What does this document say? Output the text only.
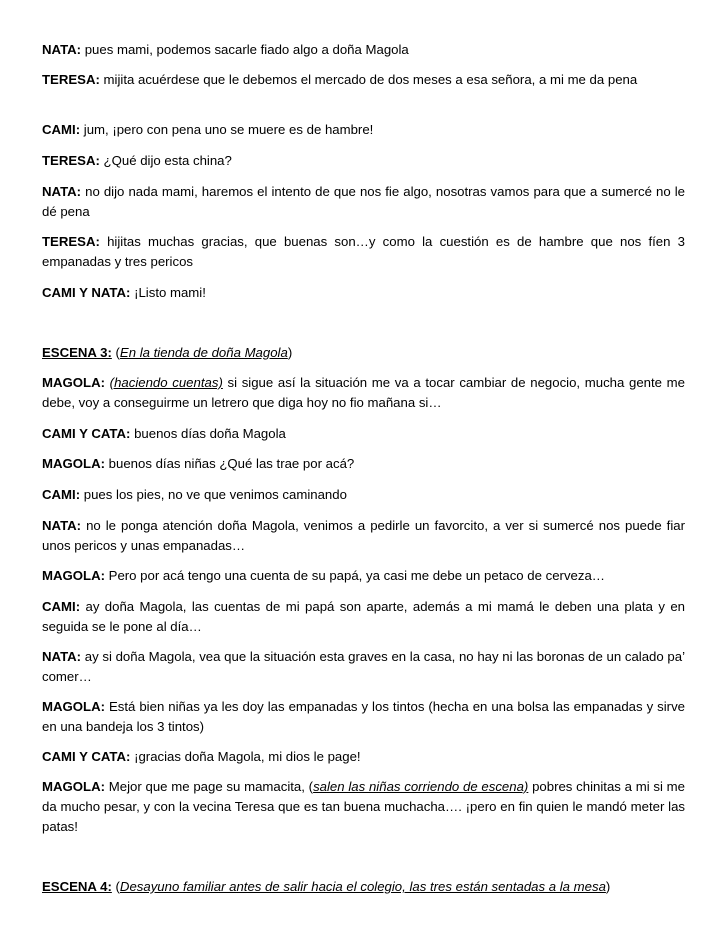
NATA: pues mami, podemos sacarle fiado algo a doña Magola

TERESA: mijita acuérdese que le debemos el mercado de dos meses a esa señora, a mi me da pena

CAMI: jum, ¡pero con pena uno se muere es de hambre!

TERESA: ¿Qué dijo esta china?

NATA: no dijo nada mami, haremos el intento de que nos fie algo, nosotras vamos para que a sumercé no le dé pena

TERESA: hijitas muchas gracias, que buenas son…y como la cuestión es de hambre que nos fíen 3 empanadas y tres pericos

CAMI Y NATA: ¡Listo mami!

ESCENA 3: (En la tienda de doña Magola)

MAGOLA: (haciendo cuentas) si sigue así la situación me va a tocar cambiar de negocio, mucha gente me debe, voy a conseguirme un letrero que diga hoy no fio mañana si…

CAMI Y CATA: buenos días doña Magola

MAGOLA: buenos días niñas ¿Qué las trae por acá?

CAMI: pues los pies, no ve que venimos caminando

NATA: no le ponga atención doña Magola, venimos a pedirle un favorcito, a ver si sumercé nos puede fiar unos pericos y unas empanadas…

MAGOLA: Pero por acá tengo una cuenta de su papá, ya casi me debe un petaco de cerveza…

CAMI: ay doña Magola, las cuentas de mi papá son aparte, además a mi mamá le deben una plata y en seguida se le pone al día…

NATA: ay si doña Magola, vea que la situación esta graves en la casa, no hay ni las boronas de un calado pa’ comer…

MAGOLA: Está bien niñas ya les doy las empanadas y los tintos (hecha en una bolsa las empanadas y sirve en una bandeja los 3 tintos)

CAMI Y CATA: ¡gracias doña Magola, mi dios le page!

MAGOLA: Mejor que me page su mamacita, (salen las niñas corriendo de escena) pobres chinitas a mi si me da mucho pesar, y con la vecina Teresa que es tan buena muchacha…. ¡pero en fin quien le mandó meter las patas!

ESCENA 4: (Desayuno familiar antes de salir hacia el colegio, las tres están sentadas a la mesa)
